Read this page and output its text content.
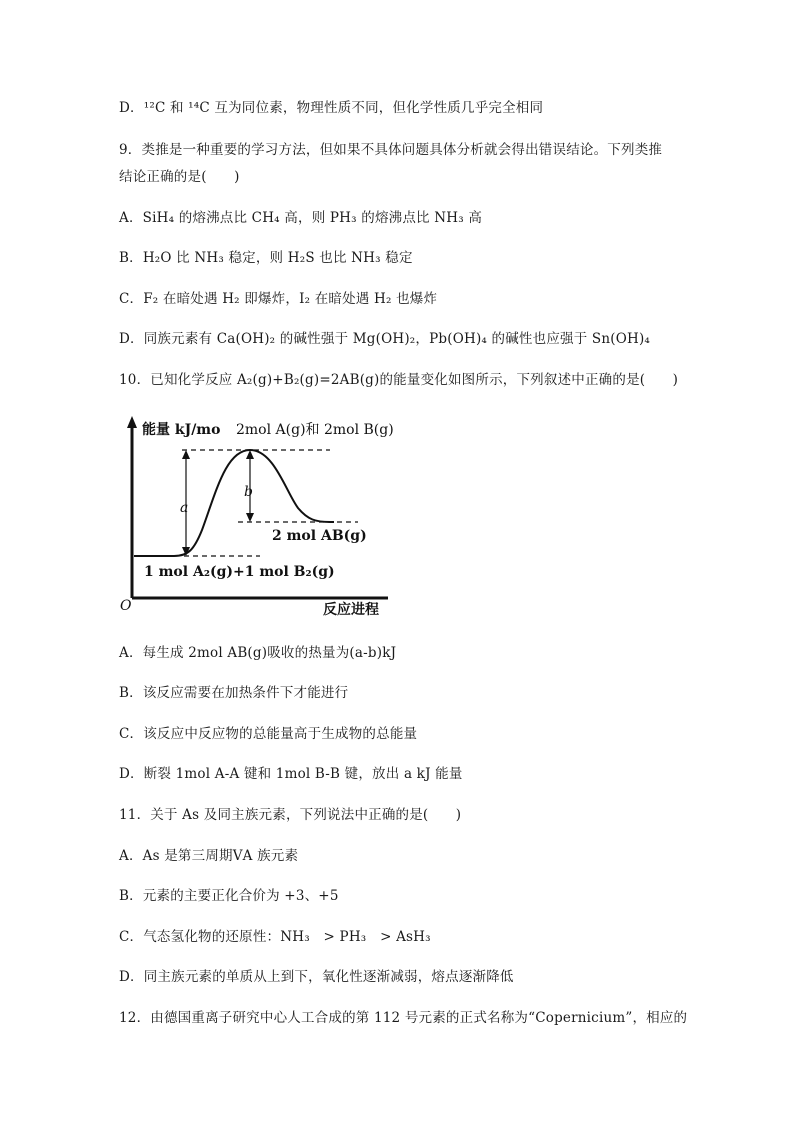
D．¹²C 和 ¹⁴C 互为同位素，物理性质不同，但化学性质几乎完全相同
9．类推是一种重要的学习方法，但如果不具体问题具体分析就会得出错误结论。下列类推
结论正确的是(　　)
A．SiH₄ 的熔沸点比 CH₄ 高，则 PH₃ 的熔沸点比 NH₃ 高
B．H₂O 比 NH₃ 稳定，则 H₂S 也比 NH₃ 稳定
C．F₂ 在暗处遇 H₂ 即爆炸，I₂ 在暗处遇 H₂ 也爆炸
D．同族元素有 Ca(OH)₂ 的碱性强于 Mg(OH)₂，Pb(OH)₄ 的碱性也应强于 Sn(OH)₄
10．已知化学反应 A₂(g)+B₂(g)=2AB(g)的能量变化如图所示，下列叙述中正确的是(　　)
a
b
能量 kJ/mo 2mol A(g)和 2mol B(g)
2 mol AB(g)
1 mol A₂(g)+1 mol B₂(g)
O	反应进程
A．每生成 2mol AB(g)吸收的热量为(a-b)kJ
B．该反应需要在加热条件下才能进行
C．该反应中反应物的总能量高于生成物的总能量
D．断裂 1mol A-A 键和 1mol B-B 键，放出 a kJ 能量
11．关于 As 及同主族元素，下列说法中正确的是(　　)
A．As 是第三周期ⅤA 族元素
B．元素的主要正化合价为 +3、+5
C．气态氢化物的还原性：NH₃　> PH₃　> AsH₃
D．同主族元素的单质从上到下，氧化性逐渐减弱，熔点逐渐降低
12．由德国重离子研究中心人工合成的第 112 号元素的正式名称为“Copernicium”，相应的
